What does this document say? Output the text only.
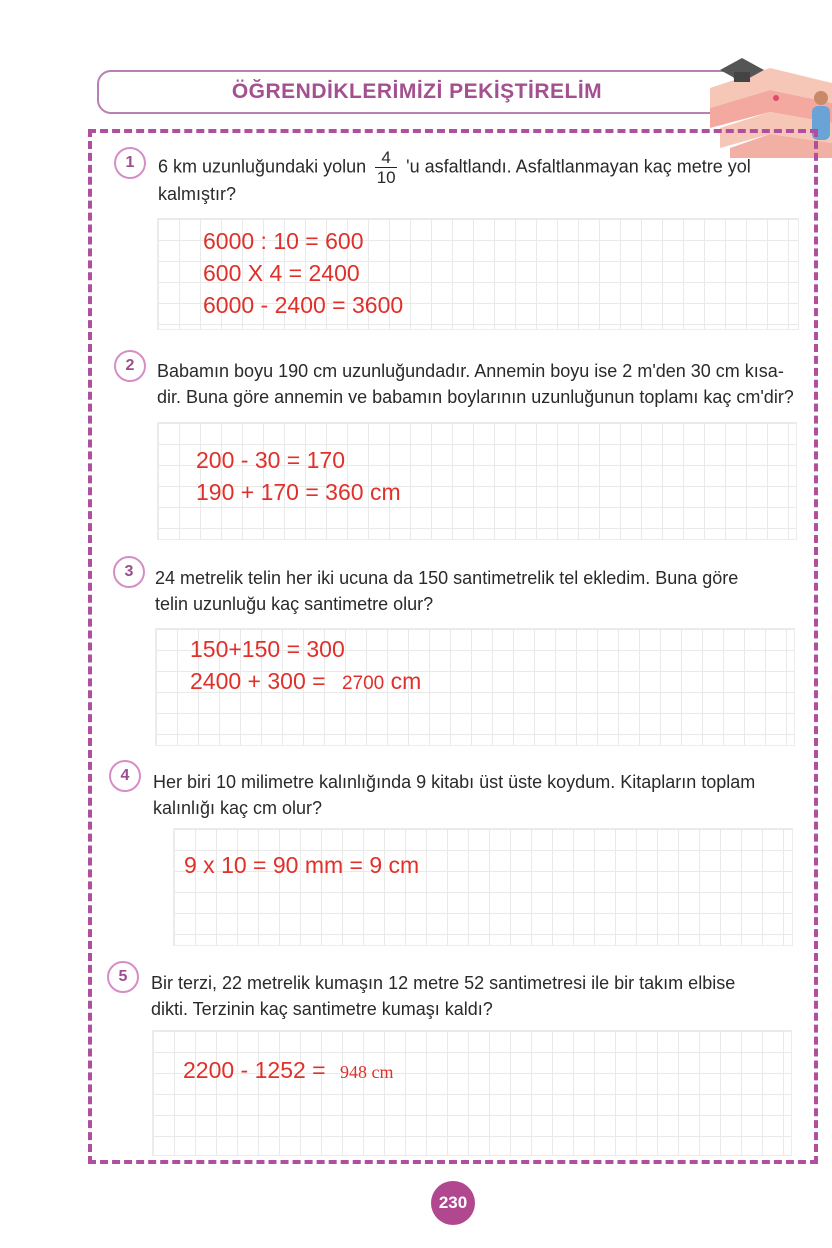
ÖĞRENDİKLERİMİZİ PEKİŞTİRELİM
1	6 km uzunluğundaki yolun $\frac{4}{10}$ 'u asfaltlandı. Asfaltlanmayan kaç metre yol
kalmıştır?
6000 : 10 = 600
600 X 4 = 2400
6000 - 2400 = 3600
2	Babamın boyu 190 cm uzunluğundadır. Annemin boyu ise 2 m'den 30 cm kısa-
dir. Buna göre annemin ve babamın boylarının uzunluğunun toplamı kaç cm'dir?
200 - 30 = 170
190 + 170 = 360 cm
3	24 metrelik telin her iki ucuna da 150 santimetrelik tel ekledim. Buna göre
telin uzunluğu kaç santimetre olur?
150+150 = 300
2400 + 300 = 2700 cm
4	Her biri 10 milimetre kalınlığında 9 kitabı üst üste koydum. Kitapların toplam
kalınlığı kaç cm olur?
9 x 10 = 90 mm = 9 cm
5	Bir terzi, 22 metrelik kumaşın 12 metre 52 santimetresi ile bir takım elbise
dikti. Terzinin kaç santimetre kumaşı kaldı?
2200 - 1252 = 948 cm
230
